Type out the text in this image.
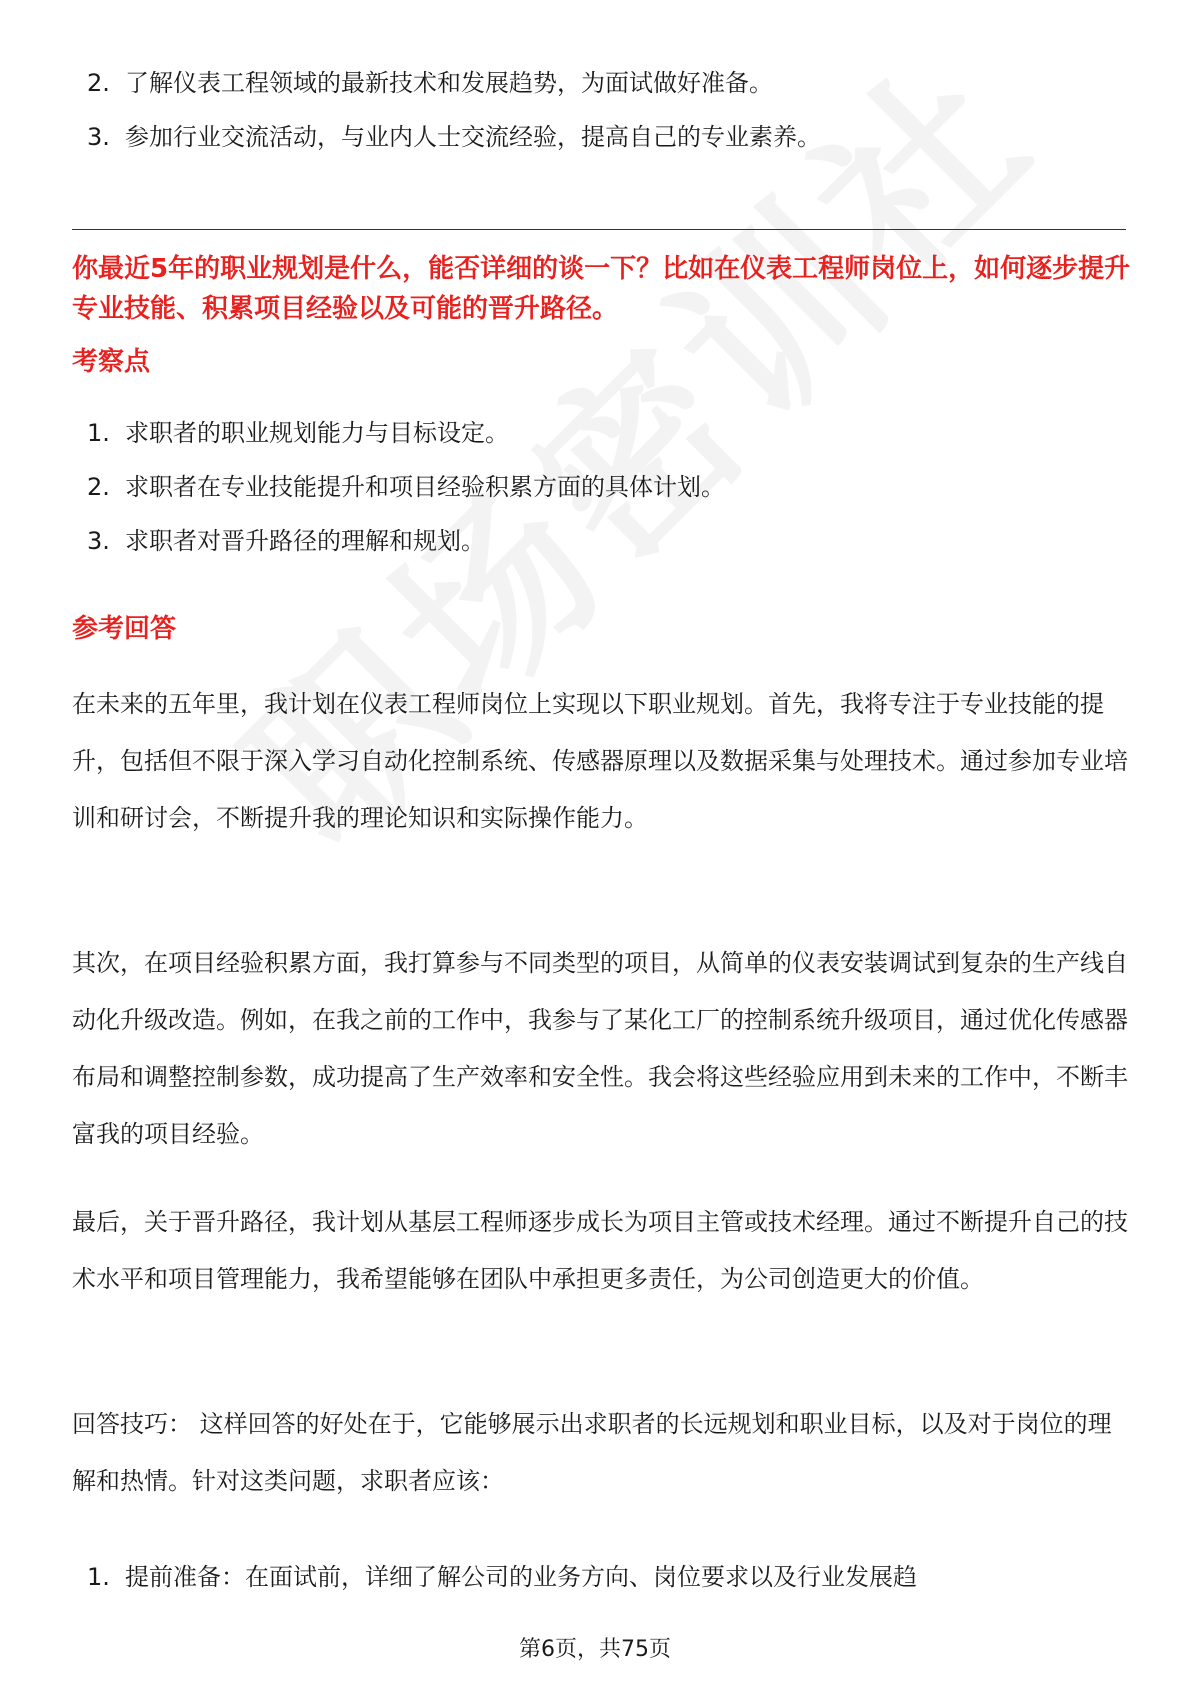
2. 了解仪表工程领域的最新技术和发展趋势，为面试做好准备。
3. 参加行业交流活动，与业内人士交流经验，提高自己的专业素养。

你最近5年的职业规划是什么，能否详细的谈一下？比如在仪表工程师岗位上，如何逐步提升专业技能、积累项目经验以及可能的晋升路径。

考察点
1. 求职者的职业规划能力与目标设定。
2. 求职者在专业技能提升和项目经验积累方面的具体计划。
3. 求职者对晋升路径的理解和规划。
参考回答

在未来的五年里，我计划在仪表工程师岗位上实现以下职业规划。首先，我将专注于专业技能的提升，包括但不限于深入学习自动化控制系统、传感器原理以及数据采集与处理技术。通过参加专业培训和研讨会，不断提升我的理论知识和实际操作能力。

其次，在项目经验积累方面，我打算参与不同类型的项目，从简单的仪表安装调试到复杂的生产线自动化升级改造。例如，在我之前的工作中，我参与了某化工厂的控制系统升级项目，通过优化传感器布局和调整控制参数，成功提高了生产效率和安全性。我会将这些经验应用到未来的工作中，不断丰富我的项目经验。

最后，关于晋升路径，我计划从基层工程师逐步成长为项目主管或技术经理。通过不断提升自己的技术水平和项目管理能力，我希望能够在团队中承担更多责任，为公司创造更大的价值。

回答技巧： 这样回答的好处在于，它能够展示出求职者的长远规划和职业目标，以及对于岗位的理解和热情。针对这类问题，求职者应该：

1. 提前准备：在面试前，详细了解公司的业务方向、岗位要求以及行业发展趋
第6页，共75页
